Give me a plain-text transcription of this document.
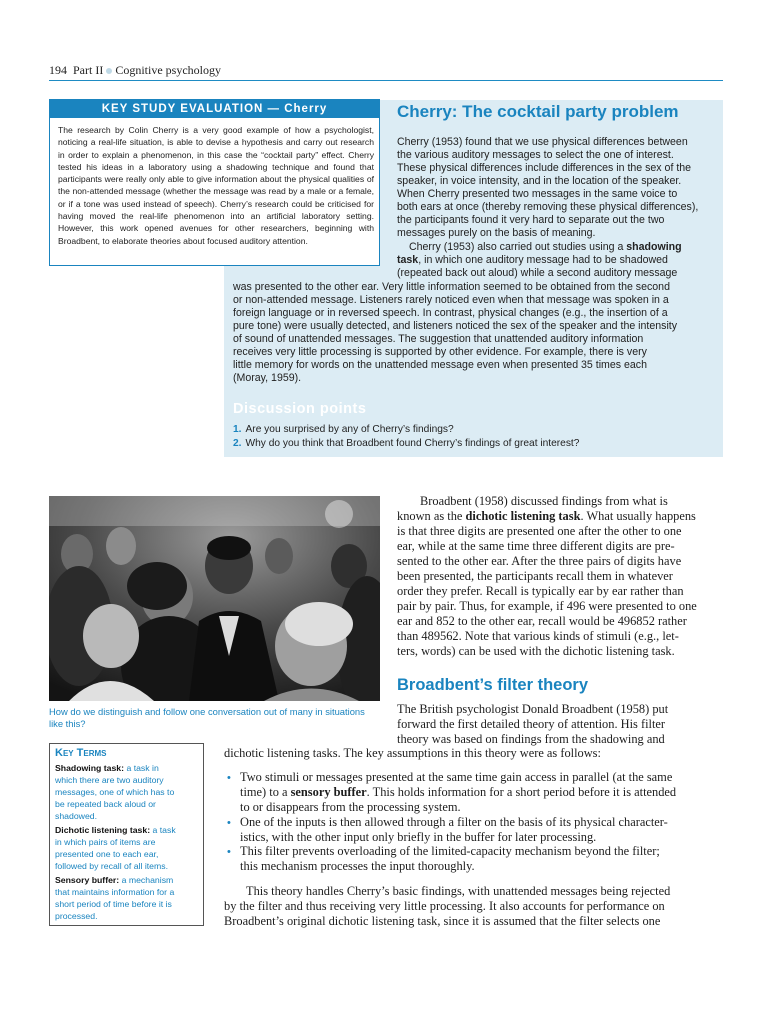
194 Part II Cognitive psychology
KEY STUDY EVALUATION — Cherry
The research by Colin Cherry is a very good example of how a psychologist, noticing a real-life situation, is able to devise a hypothesis and carry out research in order to explain a phenomenon, in this case the “cocktail party” effect. Cherry tested his ideas in a laboratory using a shadowing technique and found that participants were really only able to give information about the physical qualities of the non-attended message (whether the message was read by a male or a female, or if a tone was used instead of speech). Cherry’s research could be criticised for having moved the real-life phenomenon into an artificial laboratory setting. However, this work opened avenues for other researchers, beginning with Broadbent, to elaborate theories about focused auditory attention.
Cherry: The cocktail party problem
Cherry (1953) found that we use physical differences between
the various auditory messages to select the one of interest.
These physical differences include differences in the sex of the
speaker, in voice intensity, and in the location of the speaker.
When Cherry presented two messages in the same voice to
both ears at once (thereby removing these physical differences),
the participants found it very hard to separate out the two
messages purely on the basis of meaning.
Cherry (1953) also carried out studies using a shadowing
task, in which one auditory message had to be shadowed
(repeated back out aloud) while a second auditory message
was presented to the other ear. Very little information seemed to be obtained from the second
or non-attended message. Listeners rarely noticed even when that message was spoken in a
foreign language or in reversed speech. In contrast, physical changes (e.g., the insertion of a
pure tone) were usually detected, and listeners noticed the sex of the speaker and the intensity
of sound of unattended messages. The suggestion that unattended auditory information
receives very little processing is supported by other evidence. For example, there is very
little memory for words on the unattended message even when presented 35 times each
(Moray, 1959).
Discussion points
1. Are you surprised by any of Cherry’s findings?
2. Why do you think that Broadbent found Cherry’s findings of great interest?
How do we distinguish and follow one conversation out of many in situations like this?
Broadbent (1958) discussed findings from what is
known as the dichotic listening task. What usually happens
is that three digits are presented one after the other to one
ear, while at the same time three different digits are pre-
sented to the other ear. After the three pairs of digits have
been presented, the participants recall them in whatever
order they prefer. Recall is typically ear by ear rather than
pair by pair. Thus, for example, if 496 were presented to one
ear and 852 to the other ear, recall would be 496852 rather
than 489562. Note that various kinds of stimuli (e.g., let-
ters, words) can be used with the dichotic listening task.
Broadbent’s filter theory
The British psychologist Donald Broadbent (1958) put
forward the first detailed theory of attention. His filter
theory was based on findings from the shadowing and
dichotic listening tasks. The key assumptions in this theory were as follows:
• Two stimuli or messages presented at the same time gain access in parallel (at the same
time) to a sensory buffer. This holds information for a short period before it is attended
to or disappears from the processing system.
• One of the inputs is then allowed through a filter on the basis of its physical character-
istics, with the other input only briefly in the buffer for later processing.
• This filter prevents overloading of the limited-capacity mechanism beyond the filter;
this mechanism processes the input thoroughly.
This theory handles Cherry’s basic findings, with unattended messages being rejected
by the filter and thus receiving very little processing. It also accounts for performance on
Broadbent’s original dichotic listening task, since it is assumed that the filter selects one
Key Terms
Shadowing task: a task in
which there are two auditory
messages, one of which has to
be repeated back aloud or
shadowed.
Dichotic listening task: a task
in which pairs of items are
presented one to each ear,
followed by recall of all items.
Sensory buffer: a mechanism
that maintains information for a
short period of time before it is
processed.
